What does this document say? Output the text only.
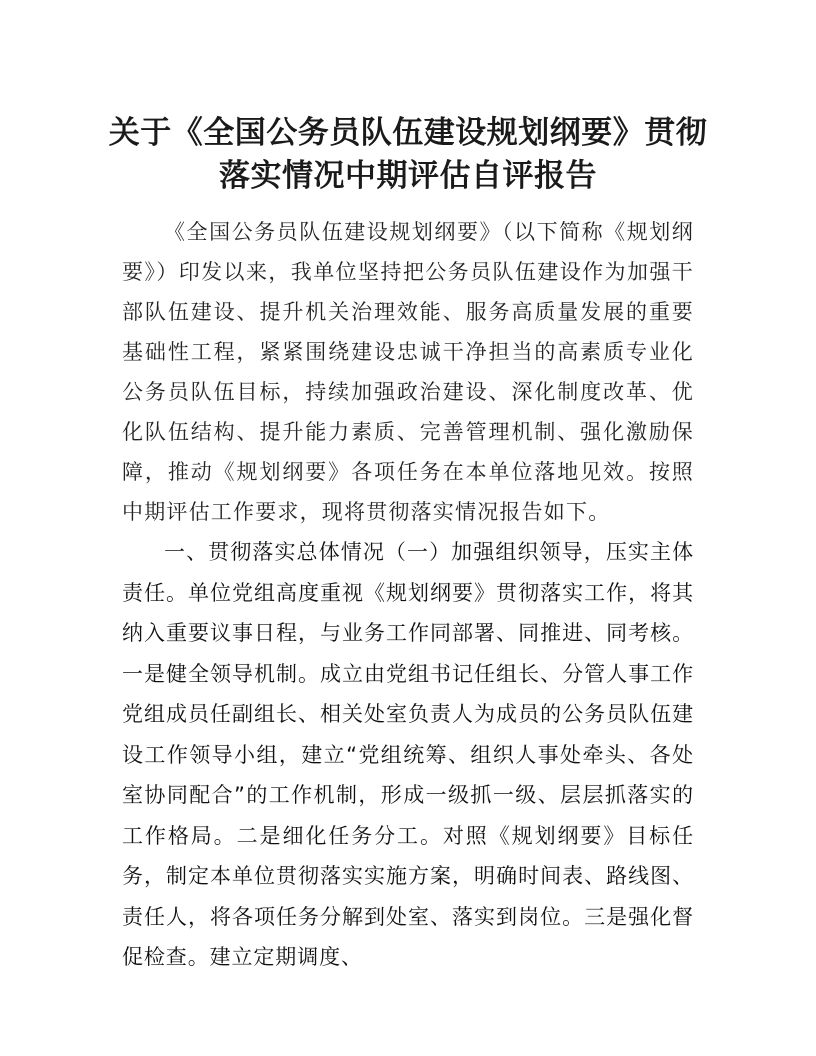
关于《全国公务员队伍建设规划纲要》贯彻
落实情况中期评估自评报告

《全国公务员队伍建设规划纲要》（以下简称《规划纲要》）印发以来，我单位坚持把公务员队伍建设作为加强干部队伍建设、提升机关治理效能、服务高质量发展的重要基础性工程，紧紧围绕建设忠诚干净担当的高素质专业化公务员队伍目标，持续加强政治建设、深化制度改革、优化队伍结构、提升能力素质、完善管理机制、强化激励保障，推动《规划纲要》各项任务在本单位落地见效。按照中期评估工作要求，现将贯彻落实情况报告如下。

一、贯彻落实总体情况（一）加强组织领导，压实主体责任。单位党组高度重视《规划纲要》贯彻落实工作，将其纳入重要议事日程，与业务工作同部署、同推进、同考核。一是健全领导机制。成立由党组书记任组长、分管人事工作党组成员任副组长、相关处室负责人为成员的公务员队伍建设工作领导小组，建立“党组统筹、组织人事处牵头、各处室协同配合”的工作机制，形成一级抓一级、层层抓落实的工作格局。二是细化任务分工。对照《规划纲要》目标任务，制定本单位贯彻落实实施方案，明确时间表、路线图、责任人，将各项任务分解到处室、落实到岗位。三是强化督促检查。建立定期调度、
